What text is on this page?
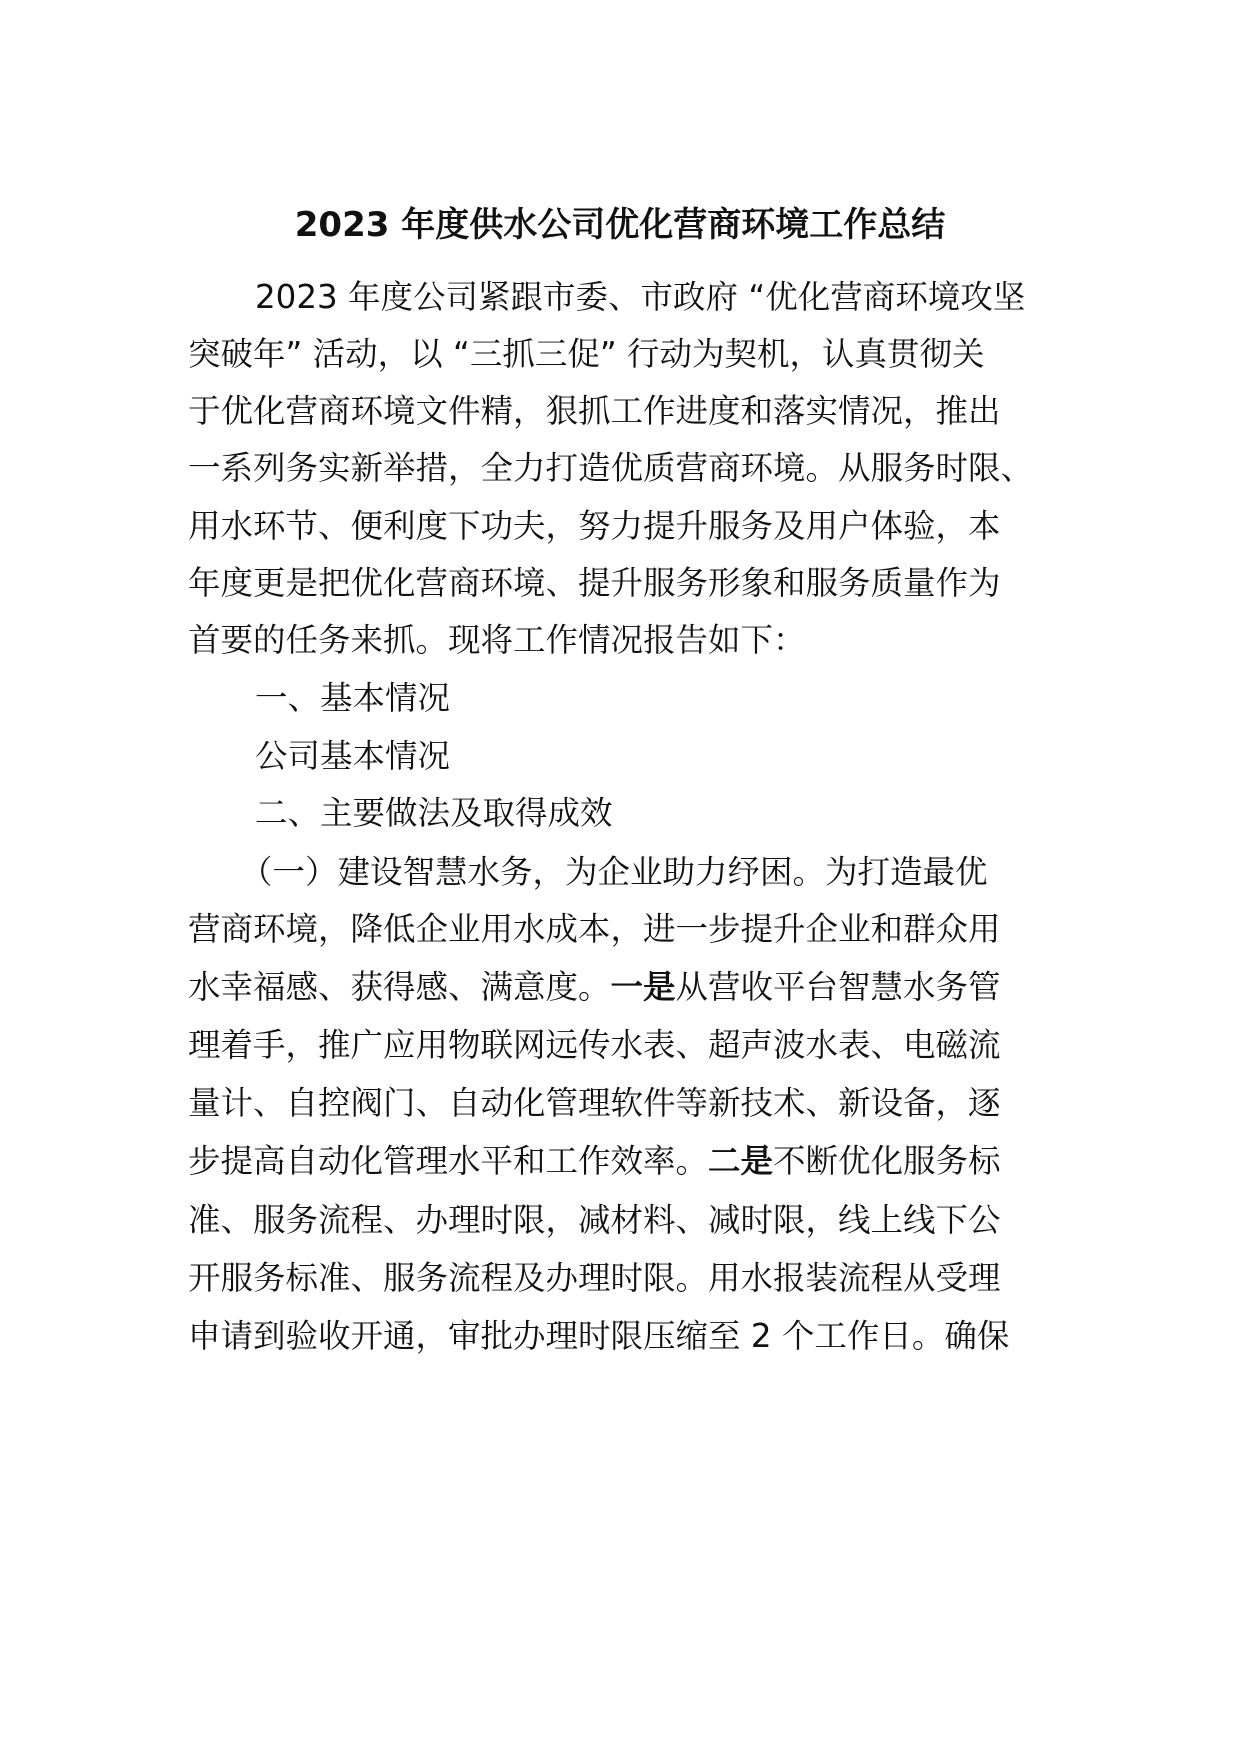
2023 年度供水公司优化营商环境工作总结
2023 年度公司紧跟市委、市政府 “优化营商环境攻坚
突破年” 活动，以 “三抓三促” 行动为契机，认真贯彻关
于优化营商环境文件精，狠抓工作进度和落实情况，推出
一系列务实新举措，全力打造优质营商环境。从服务时限、
用水环节、便利度下功夫，努力提升服务及用户体验，本
年度更是把优化营商环境、提升服务形象和服务质量作为
首要的任务来抓。现将工作情况报告如下：
一、基本情况
公司基本情况
二、主要做法及取得成效
（一）建设智慧水务，为企业助力纾困。为打造最优
营商环境，降低企业用水成本，进一步提升企业和群众用
水幸福感、获得感、满意度。一是从营收平台智慧水务管
理着手，推广应用物联网远传水表、超声波水表、电磁流
量计、自控阀门、自动化管理软件等新技术、新设备，逐
步提高自动化管理水平和工作效率。二是不断优化服务标
准、服务流程、办理时限，减材料、减时限，线上线下公
开服务标准、服务流程及办理时限。用水报装流程从受理
申请到验收开通，审批办理时限压缩至 2 个工作日。确保
